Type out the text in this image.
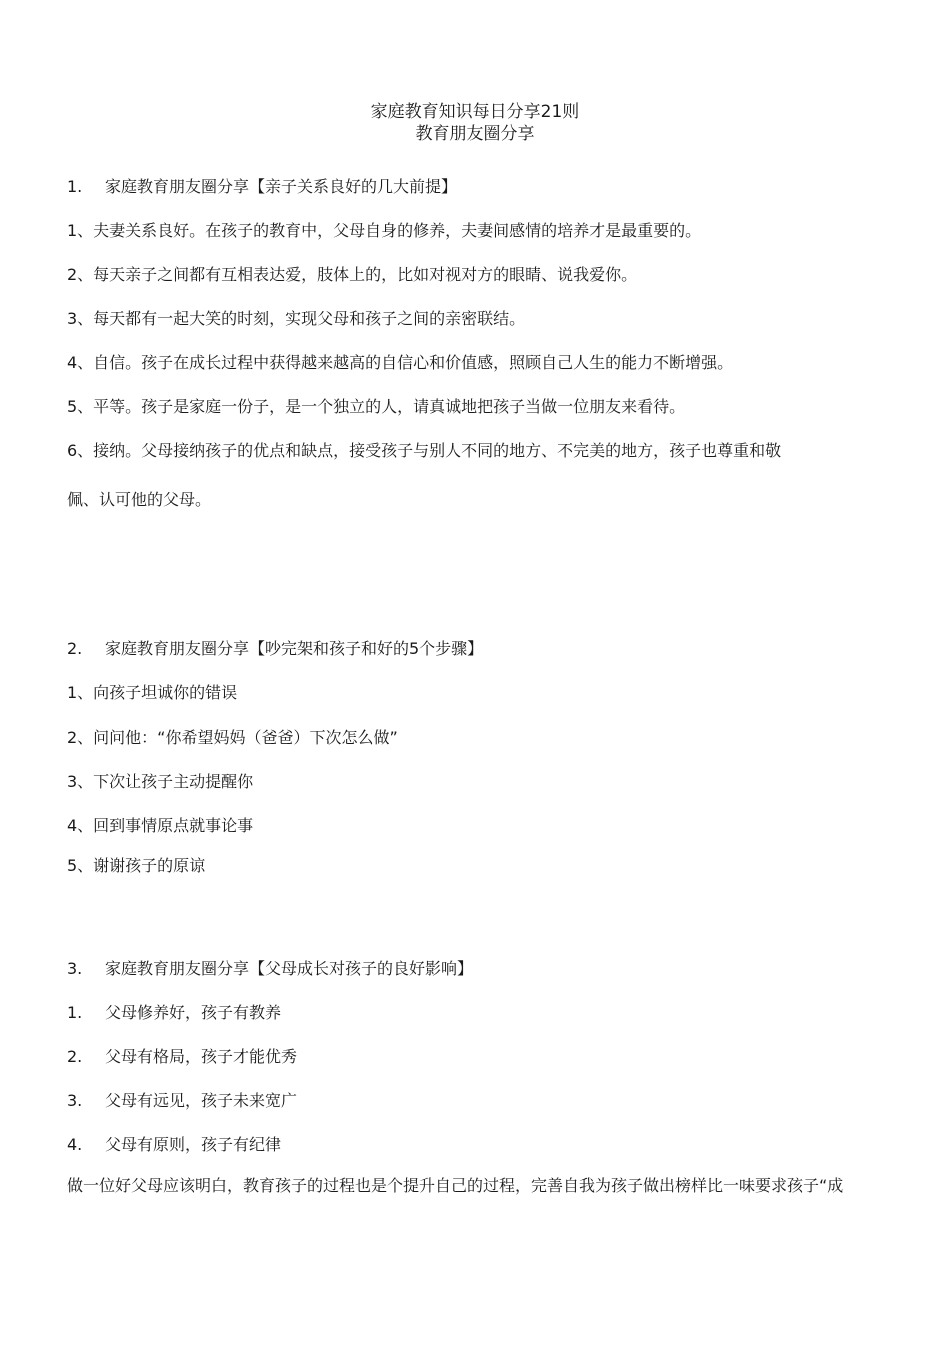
家庭教育知识每日分享21则
教育朋友圈分享
1. 家庭教育朋友圈分享【亲子关系良好的几大前提】
1、夫妻关系良好。在孩子的教育中，父母自身的修养，夫妻间感情的培养才是最重要的。
2、每天亲子之间都有互相表达爱，肢体上的，比如对视对方的眼睛、说我爱你。
3、每天都有一起大笑的时刻，实现父母和孩子之间的亲密联结。
4、自信。孩子在成长过程中获得越来越高的自信心和价值感，照顾自己人生的能力不断增强。
5、平等。孩子是家庭一份子，是一个独立的人，请真诚地把孩子当做一位朋友来看待。
6、接纳。父母接纳孩子的优点和缺点，接受孩子与别人不同的地方、不完美的地方，孩子也尊重和敬
佩、认可他的父母。
2. 家庭教育朋友圈分享【吵完架和孩子和好的5个步骤】
1、向孩子坦诚你的错误
2、问问他：“你希望妈妈（爸爸）下次怎么做”
3、下次让孩子主动提醒你
4、回到事情原点就事论事
5、谢谢孩子的原谅
3. 家庭教育朋友圈分享【父母成长对孩子的良好影响】
1. 父母修养好，孩子有教养
2. 父母有格局，孩子才能优秀
3. 父母有远见，孩子未来宽广
4. 父母有原则，孩子有纪律
做一位好父母应该明白，教育孩子的过程也是个提升自己的过程，完善自我为孩子做出榜样比一味要求孩子“成
